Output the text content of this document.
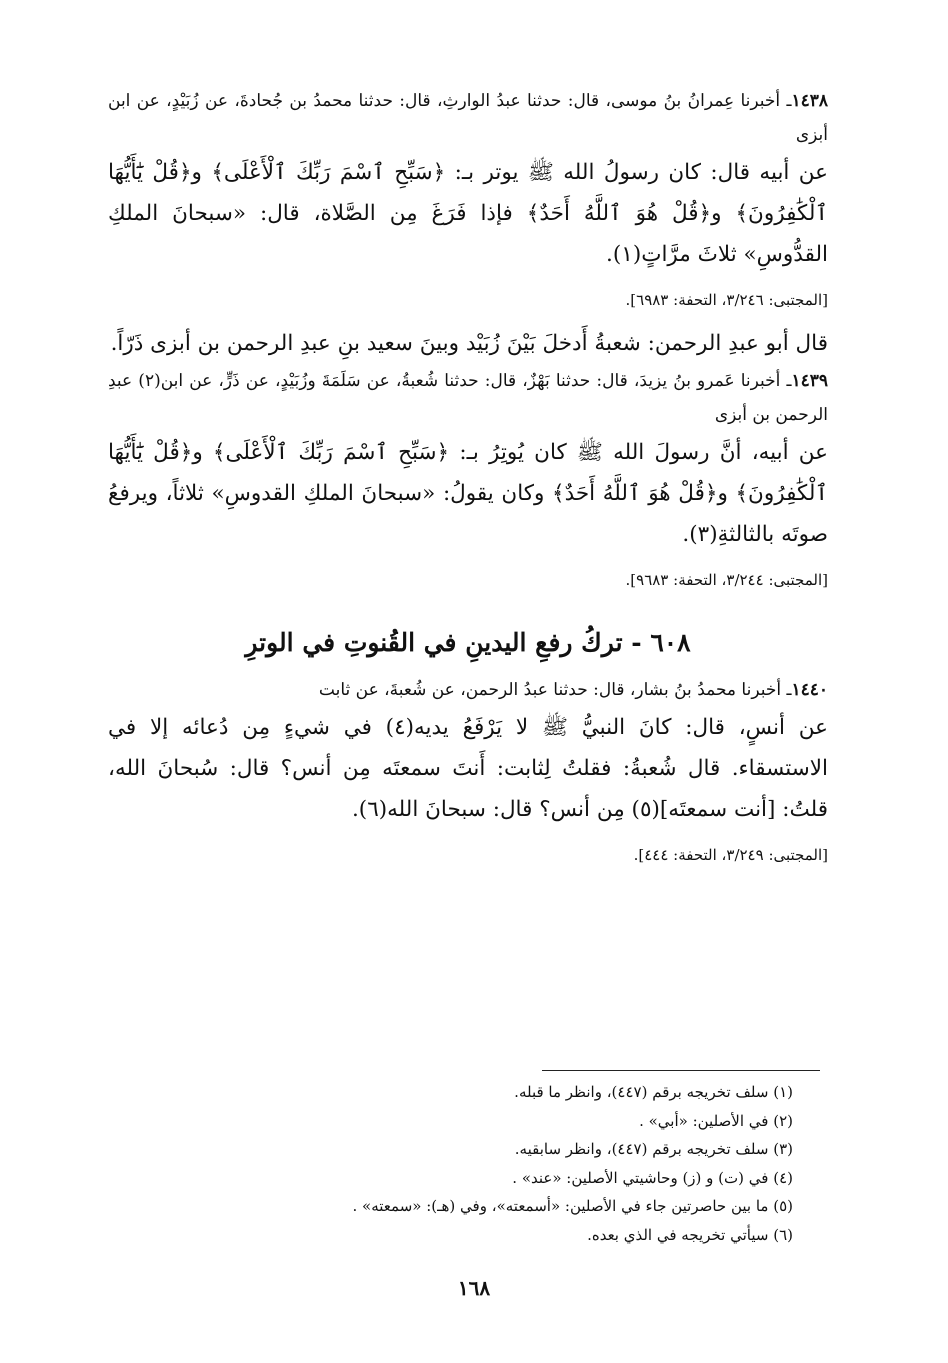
١٤٣٨ـ أخبرنا عِمرانُ بنُ موسى، قال: حدثنا عبدُ الوارثِ، قال: حدثنا محمدُ بن جُحادةَ، عن زُبَيْدٍ، عن ابن أبزى

عن أبيه قال: كان رسولُ الله ﷺ يوتر بـ: ﴿سَبِّحِ ٱسْمَ رَبِّكَ ٱلْأَعْلَى﴾ و﴿قُلْ يَٰٓأَيُّهَا ٱلْكَٰفِرُونَ﴾ و﴿قُلْ هُوَ ٱللَّهُ أَحَدٌ﴾ فإذا فَرَغَ مِن الصَّلاة، قال: «سبحانَ الملكِ القدُّوسِ» ثلاثَ مرَّاتٍ(١).

[المجتبى: ٣/٢٤٦، التحفة: ٦٩٨٣].

قال أبو عبدِ الرحمن: شعبةُ أَدخلَ بَيْنَ زُبَيْد وبينَ سعيد بنِ عبدِ الرحمن بن أبزى ذَرّاً.

١٤٣٩ـ أخبرنا عَمرو بنُ يزيدَ، قال: حدثنا بَهْزٌ، قال: حدثنا شُعبةُ، عن سَلَمَةَ وزُبَيْدٍ، عن ذَرٍّ، عن ابن(٢) عبدِ الرحمن بن أبزى

عن أبيه، أنَّ رسولَ الله ﷺ كان يُوتِرُ بـ: ﴿سَبِّحِ ٱسْمَ رَبِّكَ ٱلْأَعْلَى﴾ و﴿قُلْ يَٰٓأَيُّهَا ٱلْكَٰفِرُونَ﴾ و﴿قُلْ هُوَ ٱللَّهُ أَحَدٌ﴾ وكان يقولُ: «سبحانَ الملكِ القدوسِ» ثلاثاً، ويرفعُ صوتَه بالثالثةِ(٣).

[المجتبى: ٣/٢٤٤، التحفة: ٩٦٨٣].

٦٠٨ - تركُ رفعِ اليدينِ في القُنوتِ في الوترِ

١٤٤٠ـ أخبرنا محمدُ بنُ بشار، قال: حدثنا عبدُ الرحمن، عن شُعبةَ، عن ثابت

عن أنسٍ، قال: كانَ النبيُّ ﷺ لا يَرْفَعُ يديه(٤) في شيءٍ مِن دُعائه إلا في الاستسقاء. قال شُعبةُ: فقلتُ لِثابت: أَنتَ سمعتَه مِن أنس؟ قال: سُبحانَ الله، قلتُ: [أنت سمعتَه](٥) مِن أنس؟ قال: سبحانَ الله(٦).

[المجتبى: ٣/٢٤٩، التحفة: ٤٤٤].

(١) سلف تخريجه برقم (٤٤٧)، وانظر ما قبله.
(٢) في الأصلين: «أبي» .
(٣) سلف تخريجه برقم (٤٤٧)، وانظر سابقيه.
(٤) في (ت) و (ز) وحاشيتي الأصلين: «عند» .
(٥) ما بين حاصرتين جاء في الأصلين: «أسمعته»، وفي (هـ): «سمعته» .
(٦) سيأتي تخريجه في الذي بعده.
١٦٨
